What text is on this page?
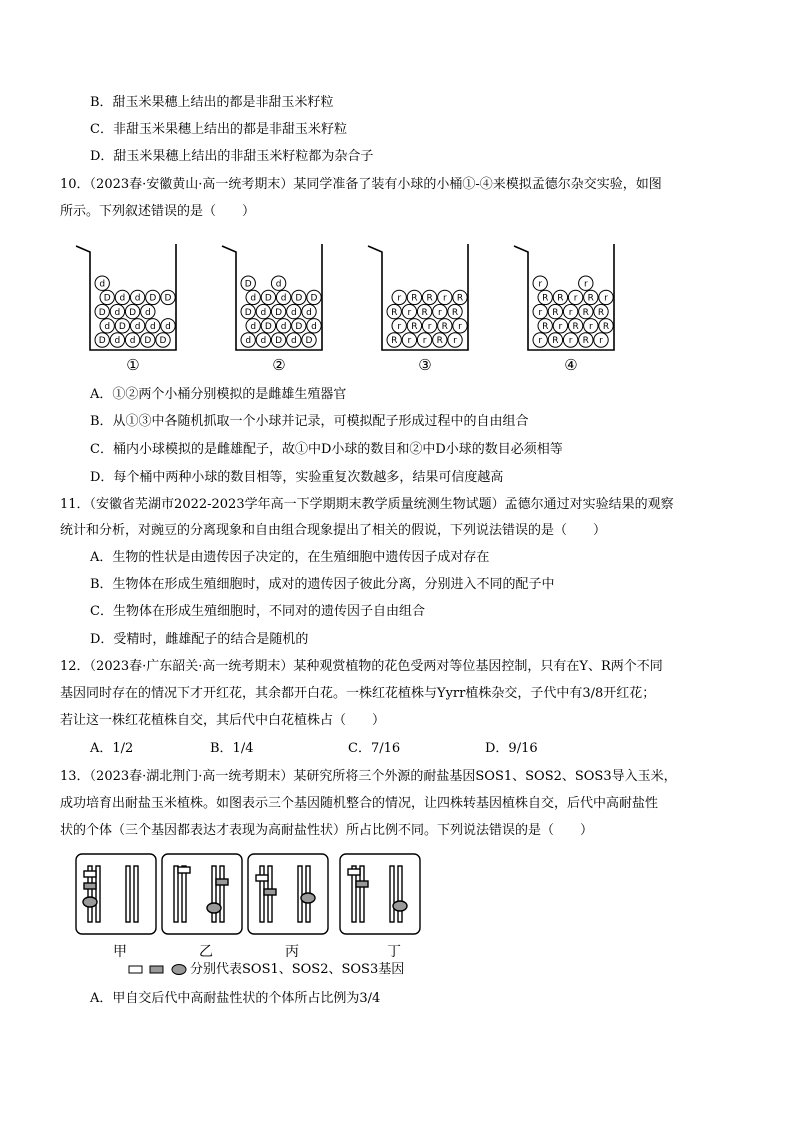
B．甜玉米果穗上结出的都是非甜玉米籽粒
C．非甜玉米果穗上结出的都是非甜玉米籽粒
D．甜玉米果穗上结出的非甜玉米籽粒都为杂合子
10．（2023春·安徽黄山·高一统考期末）某同学准备了装有小球的小桶①-④来模拟孟德尔杂交实验，如图
所示。下列叙述错误的是（　　）
d
D d d D D
D d D d
d D d d d
D d d D D
D	d
d D d D D
D d D d d
d D d D d
d d D d D
r R R r R
R r R r R
r R r R r
R r r R r
r	r
R R r R r
r R r R R
R r R r R
r R r R r
①	②	③	④
A．①②两个小桶分别模拟的是雌雄生殖器官
B．从①③中各随机抓取一个小球并记录，可模拟配子形成过程中的自由组合
C．桶内小球模拟的是雌雄配子，故①中D小球的数目和②中D小球的数目必须相等
D．每个桶中两种小球的数目相等，实验重复次数越多，结果可信度越高
11．（安徽省芜湖市2022-2023学年高一下学期期末教学质量统测生物试题）孟德尔通过对实验结果的观察
统计和分析，对豌豆的分离现象和自由组合现象提出了相关的假说，下列说法错误的是（　　）
A．生物的性状是由遗传因子决定的，在生殖细胞中遗传因子成对存在
B．生物体在形成生殖细胞时，成对的遗传因子彼此分离，分别进入不同的配子中
C．生物体在形成生殖细胞时，不同对的遗传因子自由组合
D．受精时，雌雄配子的结合是随机的
12．（2023春·广东韶关·高一统考期末）某种观赏植物的花色受两对等位基因控制，只有在Y、R两个不同
基因同时存在的情况下才开红花，其余都开白花。一株红花植株与Yyrr植株杂交，子代中有3/8开红花；
若让这一株红花植株自交，其后代中白花植株占（　　）
A．1/2	B．1/4	C．7/16	D．9/16
13．（2023春·湖北荆门·高一统考期末）某研究所将三个外源的耐盐基因SOS1、SOS2、SOS3导入玉米，
成功培育出耐盐玉米植株。如图表示三个基因随机整合的情况，让四株转基因植株自交，后代中高耐盐性
状的个体（三个基因都表达才表现为高耐盐性状）所占比例不同。下列说法错误的是（　　）
甲	乙	丙	丁
分别代表SOS1、SOS2、SOS3基因
A．甲自交后代中高耐盐性状的个体所占比例为3/4
